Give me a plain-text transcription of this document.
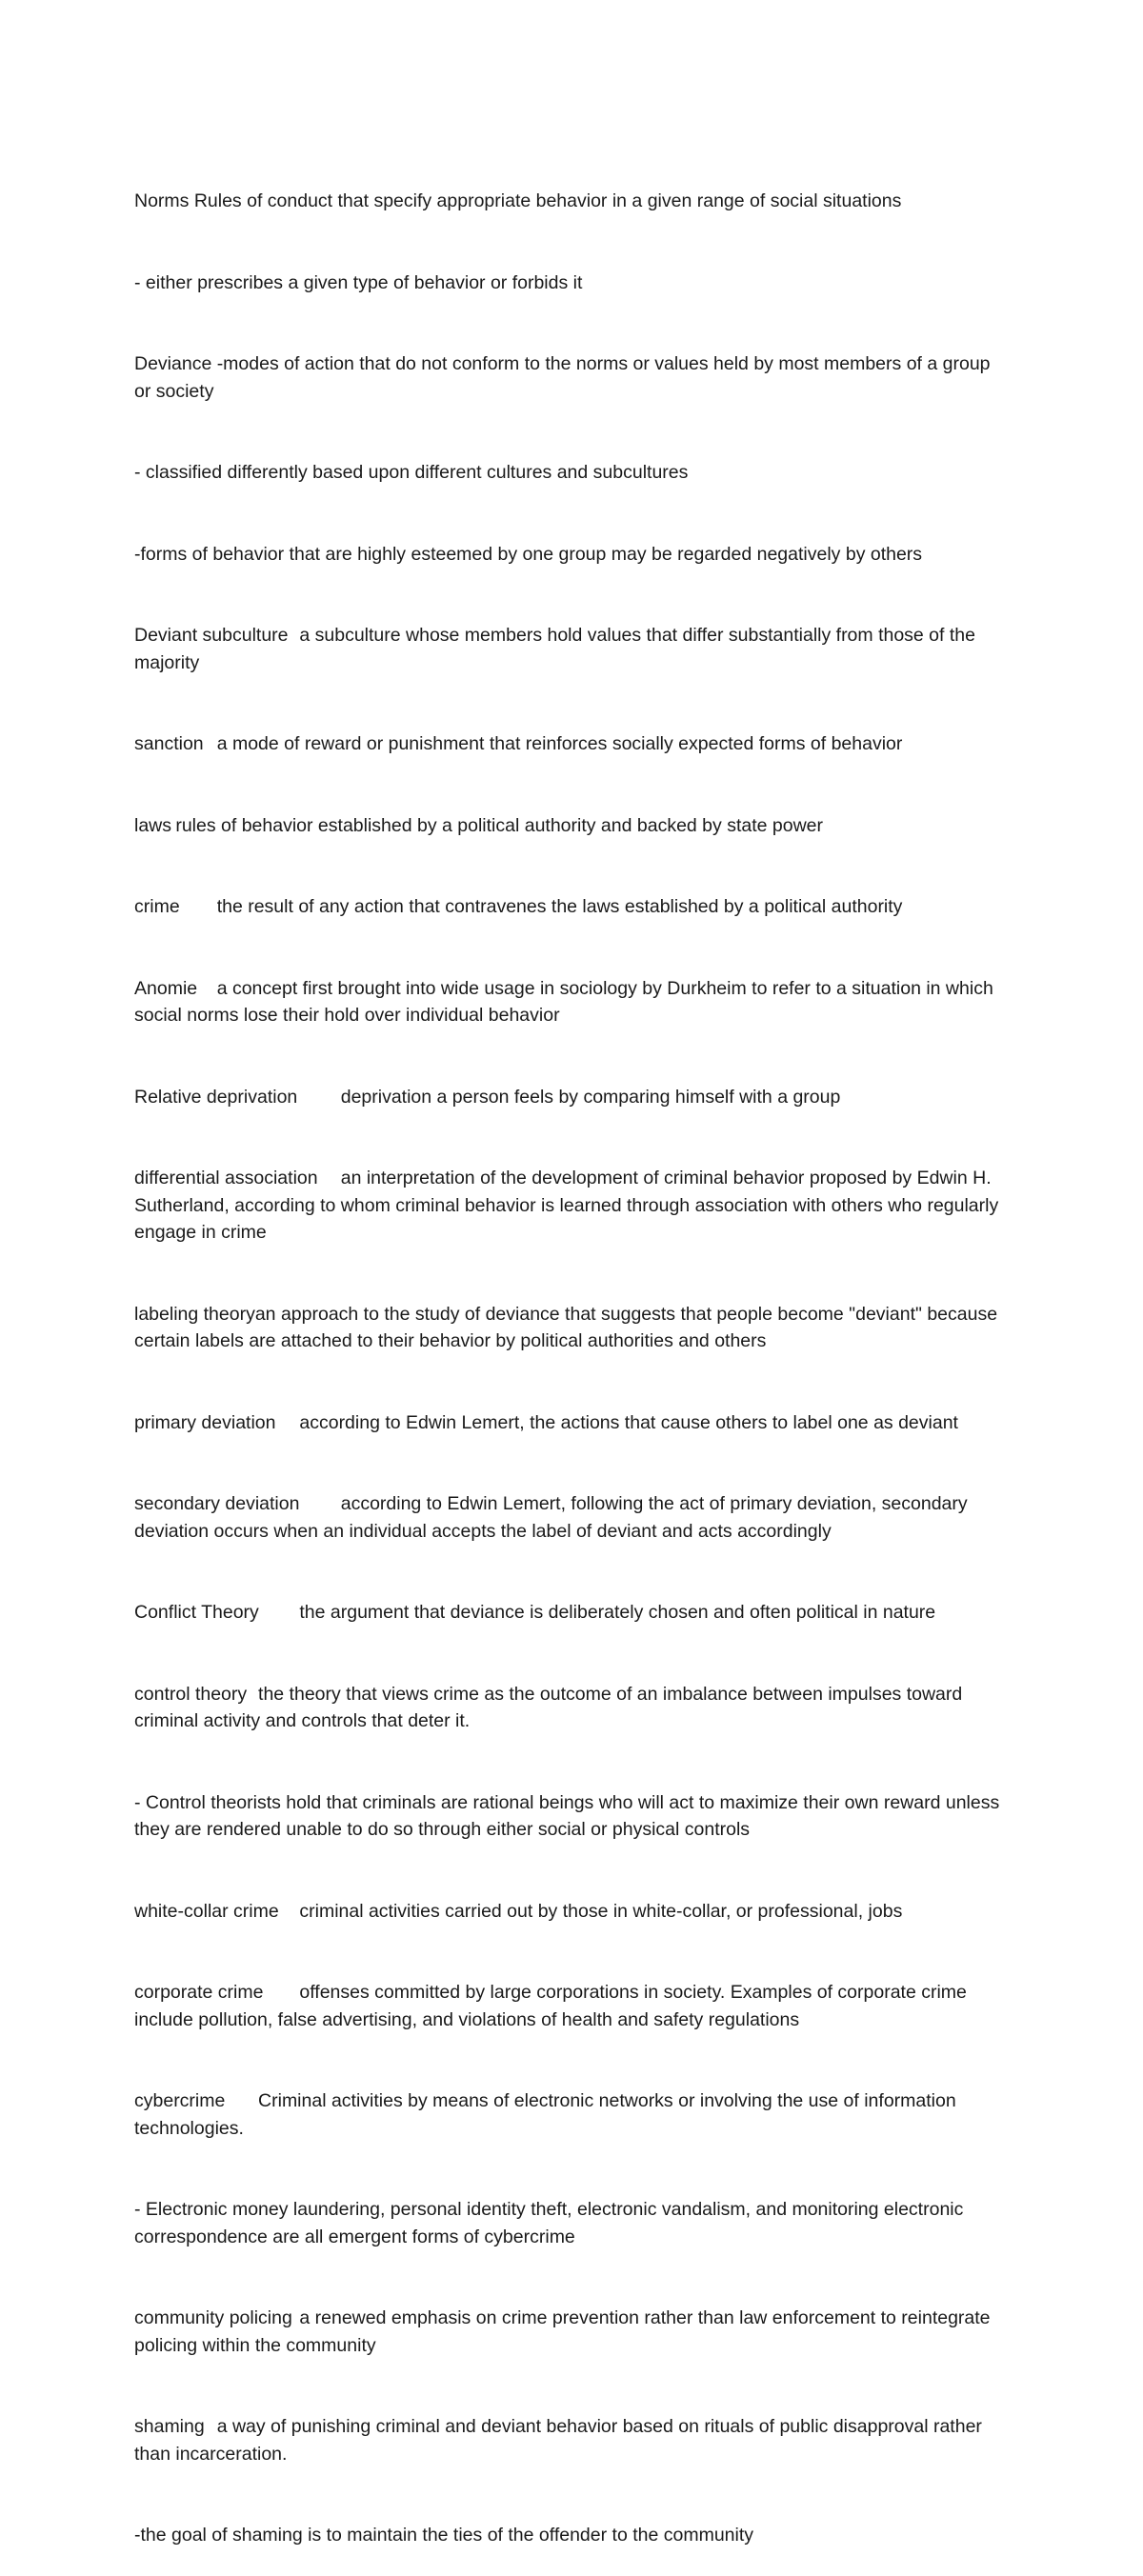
Norms Rules of conduct that specify appropriate behavior in a given range of social situations

- either prescribes a given type of behavior or forbids it

Deviance	-modes of action that do not conform to the norms or values held by most members of a group or society

- classified differently based upon different cultures and subcultures

-forms of behavior that are highly esteemed by one group may be regarded negatively by others

Deviant subculture	a subculture whose members hold values that differ substantially from those of the majority

sanction	a mode of reward or punishment that reinforces socially expected forms of behavior

laws	rules of behavior established by a political authority and backed by state power

crime	the result of any action that contravenes the laws established by a political authority

Anomie	a concept first brought into wide usage in sociology by Durkheim to refer to a situation in which social norms lose their hold over individual behavior

Relative deprivation	deprivation a person feels by comparing himself with a group

differential association	an interpretation of the development of criminal behavior proposed by Edwin H. Sutherland, according to whom criminal behavior is learned through association with others who regularly engage in crime

labeling theoryan approach to the study of deviance that suggests that people become "deviant" because certain labels are attached to their behavior by political authorities and others

primary deviation	according to Edwin Lemert, the actions that cause others to label one as deviant

secondary deviation	according to Edwin Lemert, following the act of primary deviation, secondary deviation occurs when an individual accepts the label of deviant and acts accordingly

Conflict Theory	the argument that deviance is deliberately chosen and often political in nature

control theory	the theory that views crime as the outcome of an imbalance between impulses toward criminal activity and controls that deter it.

- Control theorists hold that criminals are rational beings who will act to maximize their own reward unless they are rendered unable to do so through either social or physical controls

white-collar crime	criminal activities carried out by those in white-collar, or professional, jobs

corporate crime	offenses committed by large corporations in society. Examples of corporate crime include pollution, false advertising, and violations of health and safety regulations

cybercrime	Criminal activities by means of electronic networks or involving the use of information technologies.

- Electronic money laundering, personal identity theft, electronic vandalism, and monitoring electronic correspondence are all emergent forms of cybercrime

community policing	a renewed emphasis on crime prevention rather than law enforcement to reintegrate policing within the community

shaming	a way of punishing criminal and deviant behavior based on rituals of public disapproval rather than incarceration.

-the goal of shaming is to maintain the ties of the offender to the community
